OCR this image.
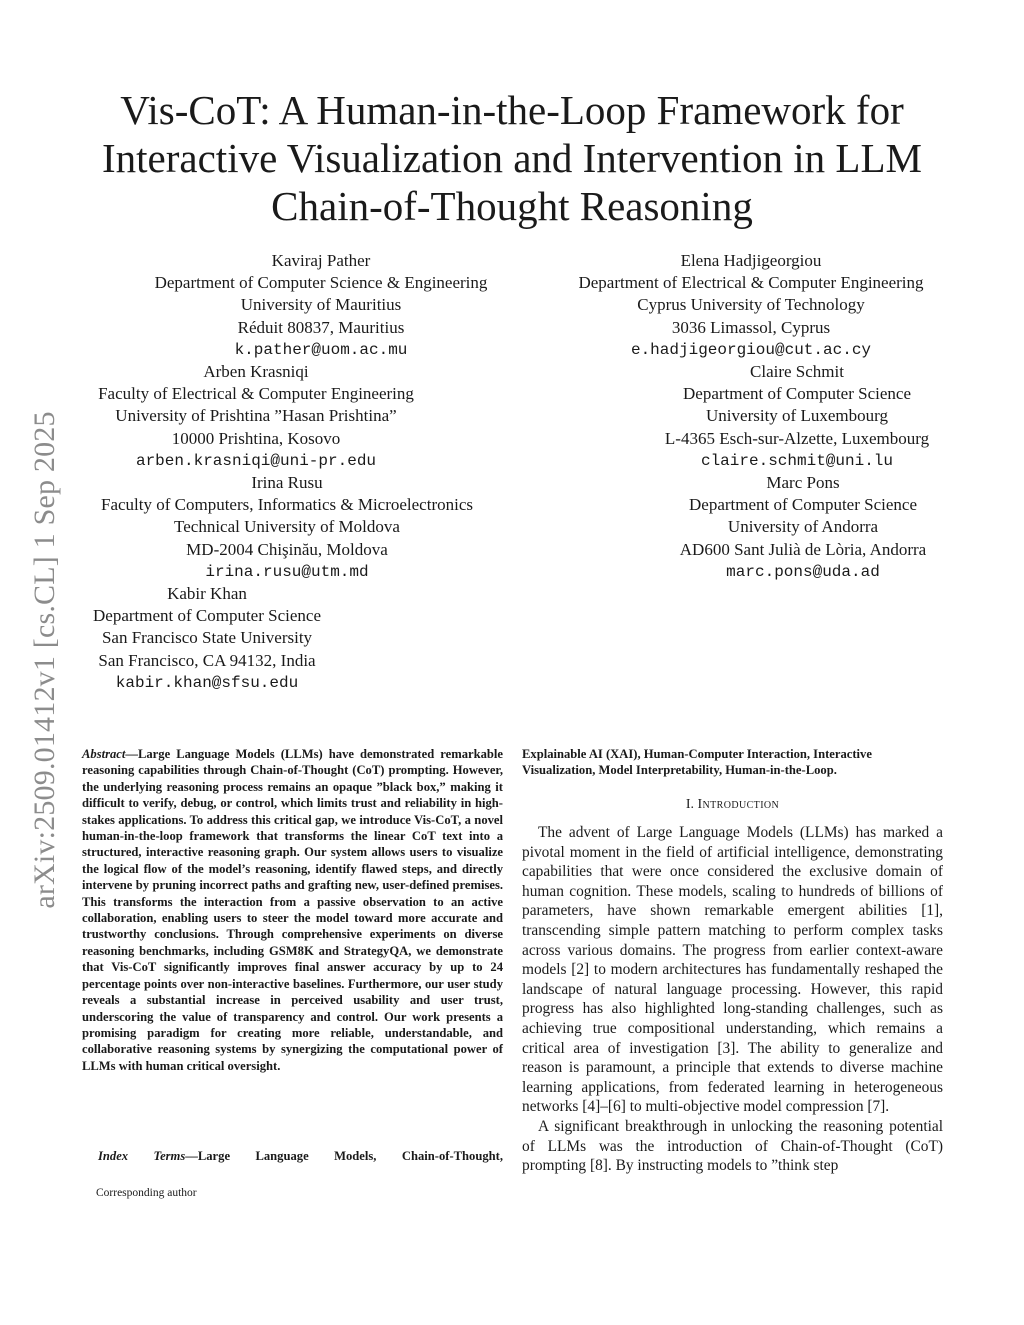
arXiv:2509.01412v1 [cs.CL] 1 Sep 2025
Vis-CoT: A Human-in-the-Loop Framework for Interactive Visualization and Intervention in LLM Chain-of-Thought Reasoning
Kaviraj Pather
Department of Computer Science & Engineering
University of Mauritius
Réduit 80837, Mauritius
k.pather@uom.ac.mu
Elena Hadjigeorgiou
Department of Electrical & Computer Engineering
Cyprus University of Technology
3036 Limassol, Cyprus
e.hadjigeorgiou@cut.ac.cy
Arben Krasniqi
Faculty of Electrical & Computer Engineering
University of Prishtina ”Hasan Prishtina”
10000 Prishtina, Kosovo
arben.krasniqi@uni-pr.edu
Claire Schmit
Department of Computer Science
University of Luxembourg
L-4365 Esch-sur-Alzette, Luxembourg
claire.schmit@uni.lu
Irina Rusu
Faculty of Computers, Informatics & Microelectronics
Technical University of Moldova
MD-2004 Chişinău, Moldova
irina.rusu@utm.md
Marc Pons
Department of Computer Science
University of Andorra
AD600 Sant Julià de Lòria, Andorra
marc.pons@uda.ad
Kabir Khan
Department of Computer Science
San Francisco State University
San Francisco, CA 94132, India
kabir.khan@sfsu.edu

Abstract—Large Language Models (LLMs) have demonstrated remarkable reasoning capabilities through Chain-of-Thought (CoT) prompting. However, the underlying reasoning process remains an opaque ”black box,” making it difficult to verify, debug, or control, which limits trust and reliability in high-stakes applications. To address this critical gap, we introduce Vis-CoT, a novel human-in-the-loop framework that transforms the linear CoT text into a structured, interactive reasoning graph. Our system allows users to visualize the logical flow of the model’s reasoning, identify flawed steps, and directly intervene by pruning incorrect paths and grafting new, user-defined premises. This transforms the interaction from a passive observation to an active collaboration, enabling users to steer the model toward more accurate and trustworthy conclusions. Through comprehensive experiments on diverse reasoning benchmarks, including GSM8K and StrategyQA, we demonstrate that Vis-CoT significantly improves final answer accuracy by up to 24 percentage points over non-interactive baselines. Furthermore, our user study reveals a substantial increase in perceived usability and user trust, underscoring the value of transparency and control. Our work presents a promising paradigm for creating more reliable, understandable, and collaborative reasoning systems by synergizing the computational power of LLMs with human critical oversight.

Index Terms—Large Language Models, Chain-of-Thought,

Corresponding author

Explainable AI (XAI), Human-Computer Interaction, Interactive Visualization, Model Interpretability, Human-in-the-Loop.

I. Introduction

The advent of Large Language Models (LLMs) has marked a pivotal moment in the field of artificial intelligence, demonstrating capabilities that were once considered the exclusive domain of human cognition. These models, scaling to hundreds of billions of parameters, have shown remarkable emergent abilities [1], transcending simple pattern matching to perform complex tasks across various domains. The progress from earlier context-aware models [2] to modern architectures has fundamentally reshaped the landscape of natural language processing. However, this rapid progress has also highlighted long-standing challenges, such as achieving true compositional understanding, which remains a critical area of investigation [3]. The ability to generalize and reason is paramount, a principle that extends to diverse machine learning applications, from federated learning in heterogeneous networks [4]–[6] to multi-objective model compression [7].

A significant breakthrough in unlocking the reasoning potential of LLMs was the introduction of Chain-of-Thought (CoT) prompting [8]. By instructing models to ”think step
